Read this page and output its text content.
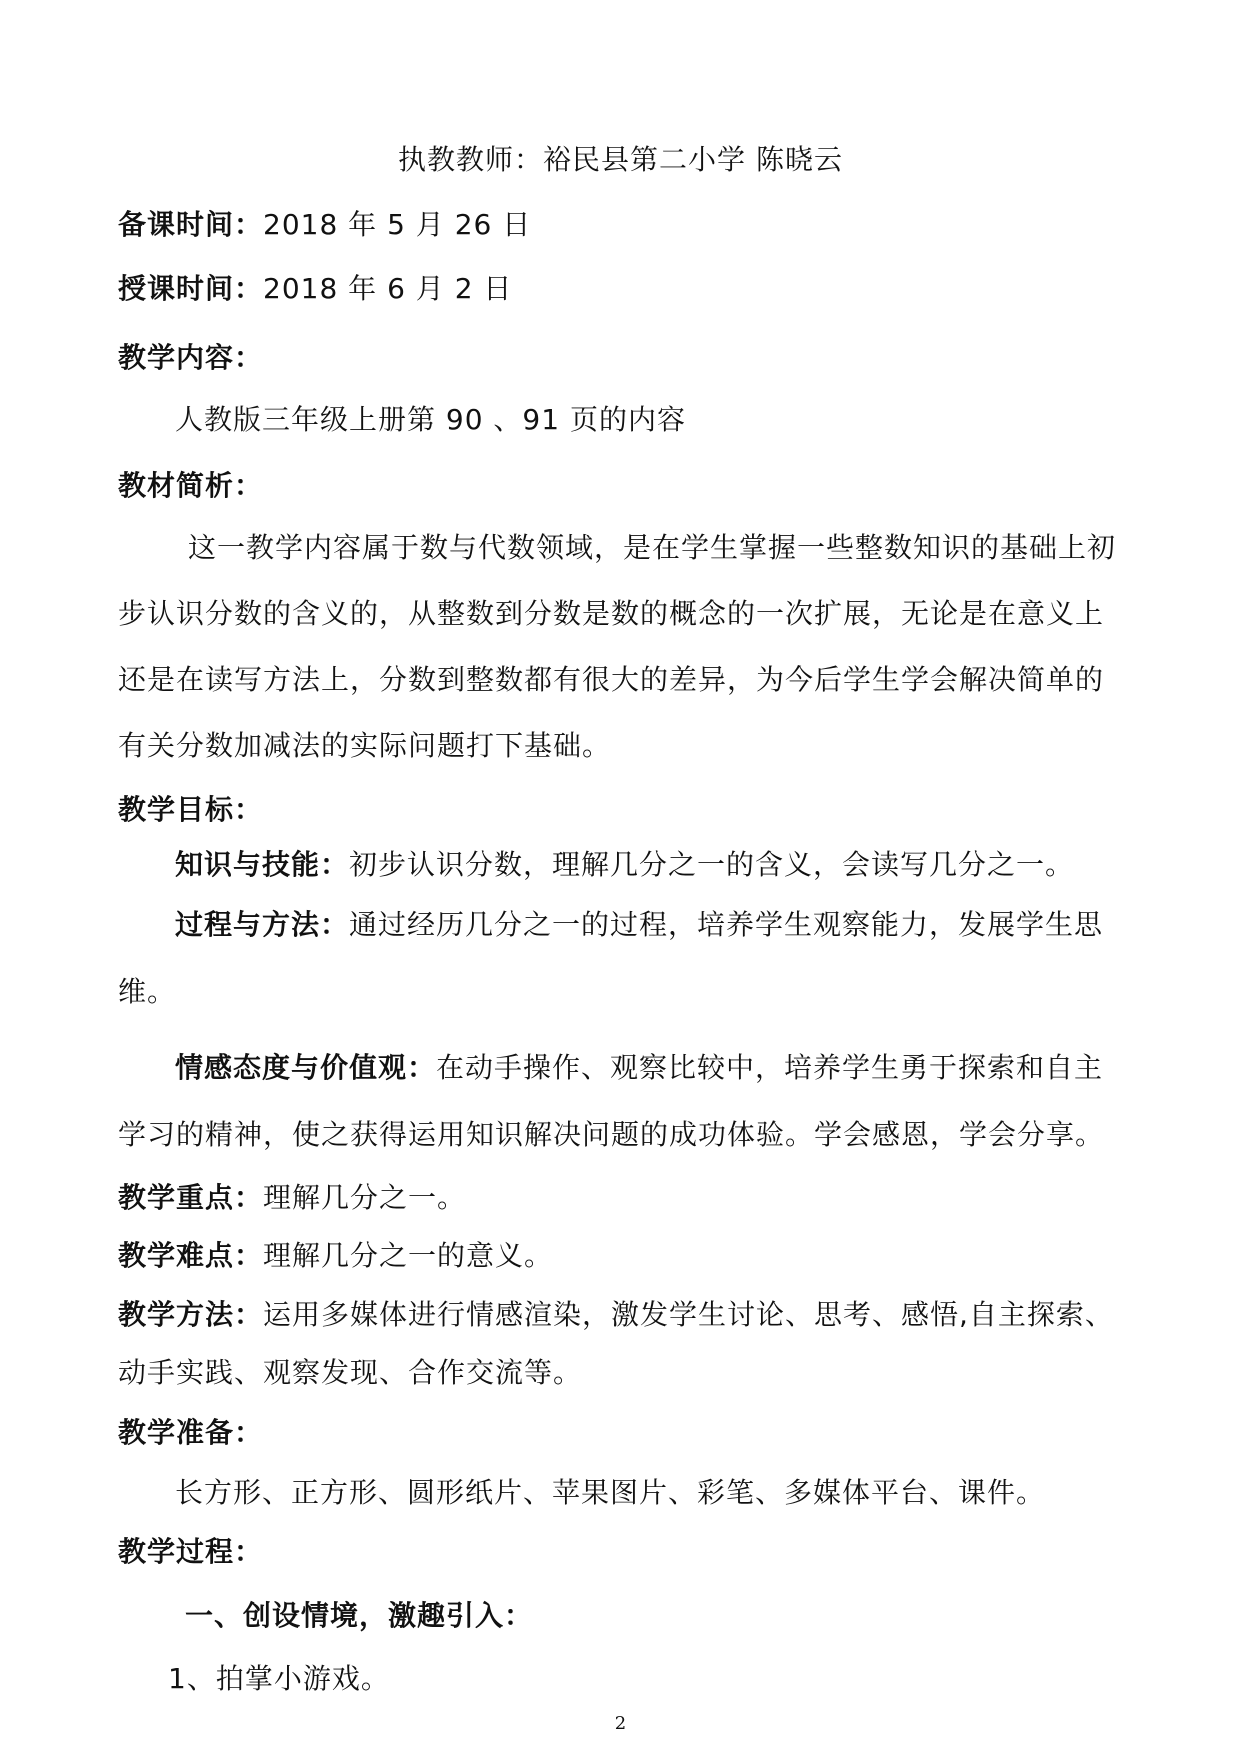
执教教师：裕民县第二小学 陈晓云
备课时间：2018 年 5 月 26 日
授课时间：2018 年 6 月 2 日
教学内容：
人教版三年级上册第 90 、91 页的内容
教材简析：
这一教学内容属于数与代数领域，是在学生掌握一些整数知识的基础上初
步认识分数的含义的，从整数到分数是数的概念的一次扩展，无论是在意义上
还是在读写方法上，分数到整数都有很大的差异，为今后学生学会解决简单的
有关分数加减法的实际问题打下基础。
教学目标：
知识与技能：初步认识分数，理解几分之一的含义，会读写几分之一。
过程与方法：通过经历几分之一的过程，培养学生观察能力，发展学生思
维。
情感态度与价值观：在动手操作、观察比较中，培养学生勇于探索和自主
学习的精神，使之获得运用知识解决问题的成功体验。学会感恩，学会分享。
教学重点：理解几分之一。
教学难点：理解几分之一的意义。
教学方法：运用多媒体进行情感渲染，激发学生讨论、思考、感悟,自主探索、
动手实践、观察发现、合作交流等。
教学准备：
长方形、正方形、圆形纸片、苹果图片、彩笔、多媒体平台、课件。
教学过程：
一、创设情境，激趣引入：
1、拍掌小游戏。
2
